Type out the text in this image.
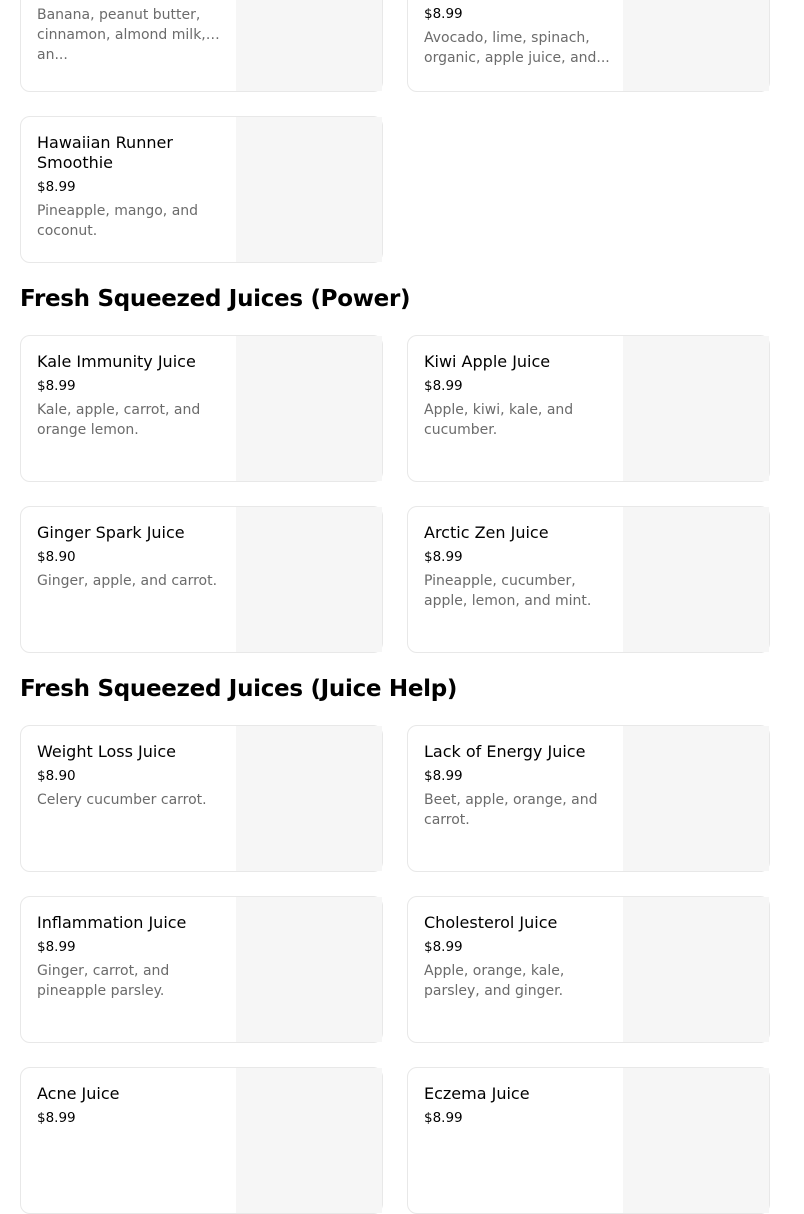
Banana, peanut butter, cinnamon, almond milk, an...
$8.99
Avocado, lime, spinach, organic, apple juice, and...
Hawaiian Runner Smoothie
$8.99
Pineapple, mango, and coconut.
Fresh Squeezed Juices (Power)
Kale Immunity Juice
$8.99
Kale, apple, carrot, and orange lemon.
Kiwi Apple Juice
$8.99
Apple, kiwi, kale, and cucumber.
Ginger Spark Juice
$8.90
Ginger, apple, and carrot.
Arctic Zen Juice
$8.99
Pineapple, cucumber, apple, lemon, and mint.
Fresh Squeezed Juices (Juice Help)
Weight Loss Juice
$8.90
Celery cucumber carrot.
Lack of Energy Juice
$8.99
Beet, apple, orange, and carrot.
Inflammation Juice
$8.99
Ginger, carrot, and pineapple parsley.
Cholesterol Juice
$8.99
Apple, orange, kale, parsley, and ginger.
Acne Juice
$8.99
Eczema Juice
$8.99
